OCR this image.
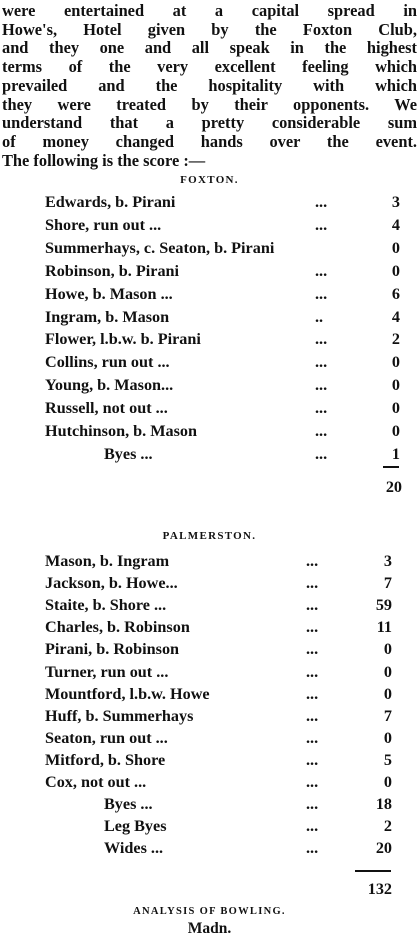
were entertained at a capital spread in
Howe's, Hotel given by the Foxton Club,
and they one and all speak in the highest
terms of the very excellent feeling which
prevailed and the hospitality with which
they were treated by their opponents. We
understand that a pretty considerable sum
of money changed hands over the event.
The following is the score :—
FOXTON.
Edwards, b. Pirani	...	3
Shore, run out ...	...	4
Summerhays, c. Seaton, b. Pirani	0
Robinson, b. Pirani	...	0
Howe, b. Mason ...	...	6
Ingram, b. Mason	..	4
Flower, l.b.w. b. Pirani	...	2
Collins, run out ...	...	0
Young, b. Mason...	...	0
Russell, not out ...	...	0
Hutchinson, b. Mason	...	0
Byes ...	...	1
20
PALMERSTON.
Mason, b. Ingram	...	3
Jackson, b. Howe...	...	7
Staite, b. Shore ...	...	59
Charles, b. Robinson	...	11
Pirani, b. Robinson	...	0
Turner, run out ...	...	0
Mountford, l.b.w. Howe	...	0
Huff, b. Summerhays	...	7
Seaton, run out ...	...	0
Mitford, b. Shore	...	5
Cox, not out ...	...	0
Byes ...	...	18
Leg Byes	...	2
Wides ...	...	20
132
ANALYSIS OF BOWLING.
Madn.
